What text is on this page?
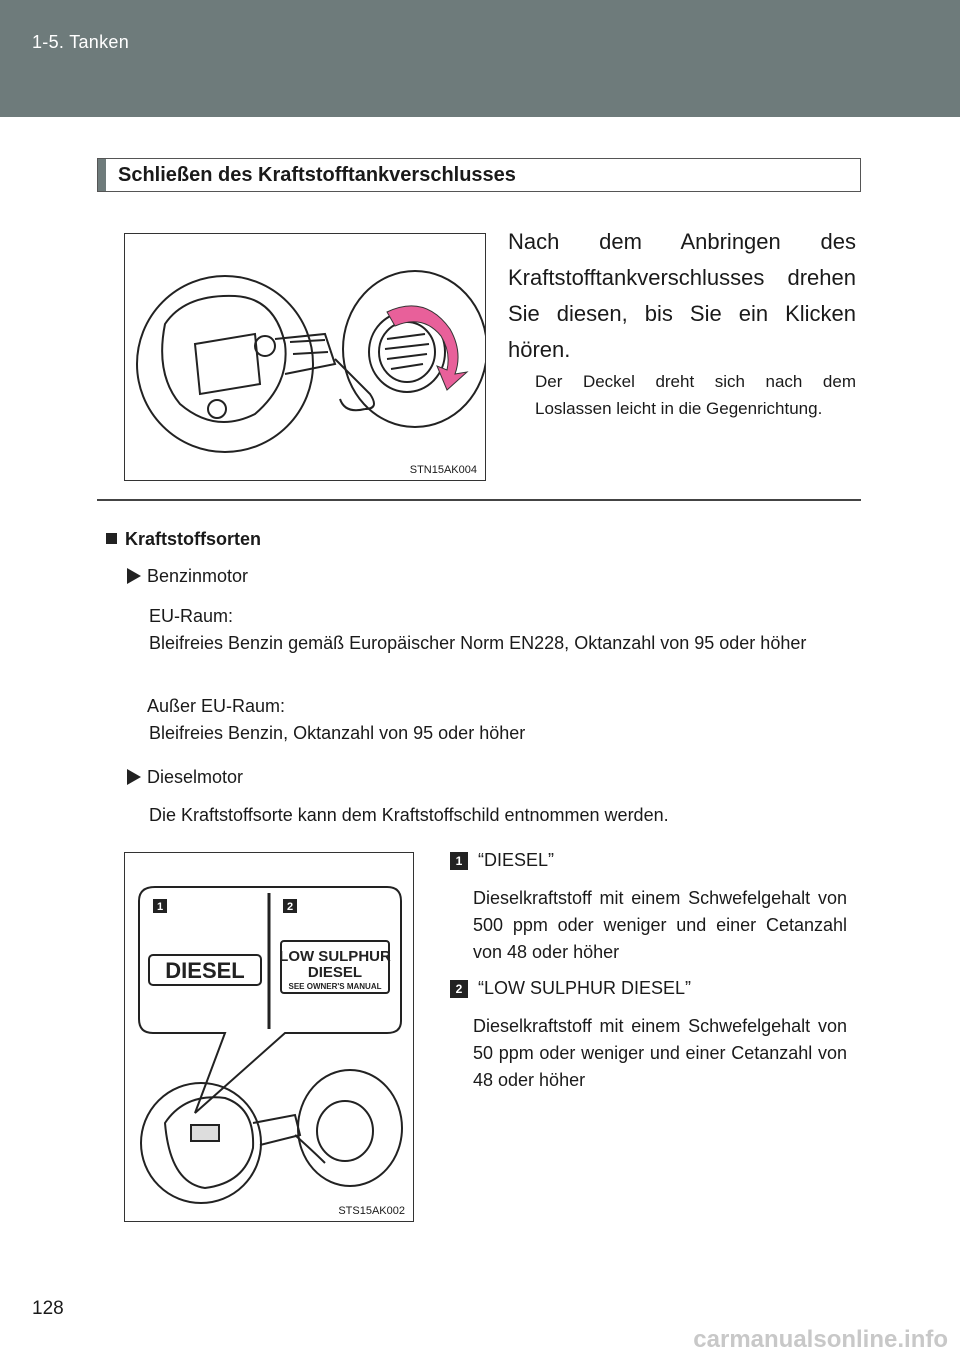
1-5. Tanken
Schließen des Kraftstofftankverschlusses
STN15AK004
Nach dem Anbringen des Kraftstofftankverschlusses drehen Sie diesen, bis Sie ein Klicken hören.
Der Deckel dreht sich nach dem Loslassen leicht in die Gegenrichtung.
Kraftstoffsorten
Benzinmotor
EU-Raum:
Bleifreies Benzin gemäß Europäischer Norm EN228, Oktanzahl von 95 oder höher
Außer EU-Raum:
Bleifreies Benzin, Oktanzahl von 95 oder höher
Dieselmotor
Die Kraftstoffsorte kann dem Kraftstoffschild entnommen werden.
1	2
DIESEL
LOW SULPHUR
DIESEL
SEE OWNER'S MANUAL
STS15AK002
1 “DIESEL”
Dieselkraftstoff mit einem Schwefelgehalt von 500 ppm oder weniger und einer Cetanzahl von 48 oder höher
2 “LOW SULPHUR DIESEL”
Dieselkraftstoff mit einem Schwefelgehalt von 50 ppm oder weniger und einer Cetanzahl von 48 oder höher
128
carmanualsonline.info
